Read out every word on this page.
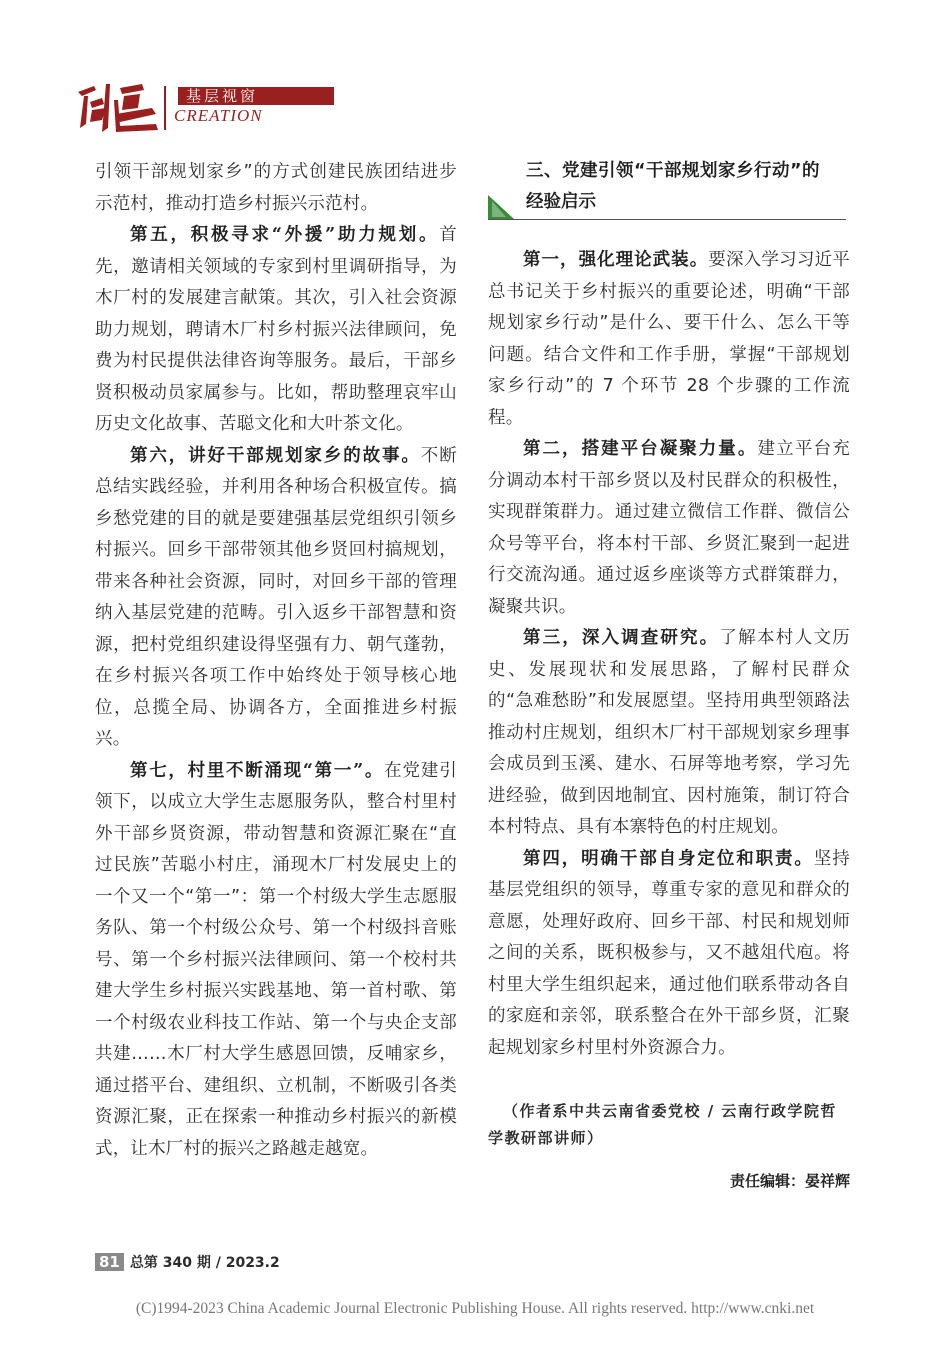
基层视窗
CREATION

引领干部规划家乡”的方式创建民族团结进步示范村，推动打造乡村振兴示范村。

第五，积极寻求“外援”助力规划。首先，邀请相关领域的专家到村里调研指导，为木厂村的发展建言献策。其次，引入社会资源助力规划，聘请木厂村乡村振兴法律顾问，免费为村民提供法律咨询等服务。最后，干部乡贤积极动员家属参与。比如，帮助整理哀牢山历史文化故事、苦聪文化和大叶茶文化。

第六，讲好干部规划家乡的故事。不断总结实践经验，并利用各种场合积极宣传。搞乡愁党建的目的就是要建强基层党组织引领乡村振兴。回乡干部带领其他乡贤回村搞规划，带来各种社会资源，同时，对回乡干部的管理纳入基层党建的范畴。引入返乡干部智慧和资源，把村党组织建设得坚强有力、朝气蓬勃，在乡村振兴各项工作中始终处于领导核心地位，总揽全局、协调各方，全面推进乡村振兴。

第七，村里不断涌现“第一”。在党建引领下，以成立大学生志愿服务队，整合村里村外干部乡贤资源，带动智慧和资源汇聚在“直过民族”苦聪小村庄，涌现木厂村发展史上的一个又一个“第一”：第一个村级大学生志愿服务队、第一个村级公众号、第一个村级抖音账号、第一个乡村振兴法律顾问、第一个校村共建大学生乡村振兴实践基地、第一首村歌、第一个村级农业科技工作站、第一个与央企支部共建……木厂村大学生感恩回馈，反哺家乡，通过搭平台、建组织、立机制，不断吸引各类资源汇聚，正在探索一种推动乡村振兴的新模式，让木厂村的振兴之路越走越宽。

三、党建引领“干部规划家乡行动”的
经验启示

第一，强化理论武装。要深入学习习近平总书记关于乡村振兴的重要论述，明确“干部规划家乡行动”是什么、要干什么、怎么干等问题。结合文件和工作手册，掌握“干部规划家乡行动”的 7 个环节 28 个步骤的工作流程。

第二，搭建平台凝聚力量。建立平台充分调动本村干部乡贤以及村民群众的积极性，实现群策群力。通过建立微信工作群、微信公众号等平台，将本村干部、乡贤汇聚到一起进行交流沟通。通过返乡座谈等方式群策群力，凝聚共识。

第三，深入调查研究。了解本村人文历史、发展现状和发展思路，了解村民群众的“急难愁盼”和发展愿望。坚持用典型领路法推动村庄规划，组织木厂村干部规划家乡理事会成员到玉溪、建水、石屏等地考察，学习先进经验，做到因地制宜、因村施策，制订符合本村特点、具有本寨特色的村庄规划。

第四，明确干部自身定位和职责。坚持基层党组织的领导，尊重专家的意见和群众的意愿，处理好政府、回乡干部、村民和规划师之间的关系，既积极参与，又不越俎代庖。将村里大学生组织起来，通过他们联系带动各自的家庭和亲邻，联系整合在外干部乡贤，汇聚起规划家乡村里村外资源合力。

（作者系中共云南省委党校 / 云南行政学院哲学教研部讲师）
责任编辑：晏祥辉
81 总第 340 期 / 2023.2
(C)1994-2023 China Academic Journal Electronic Publishing House. All rights reserved. http://www.cnki.net
